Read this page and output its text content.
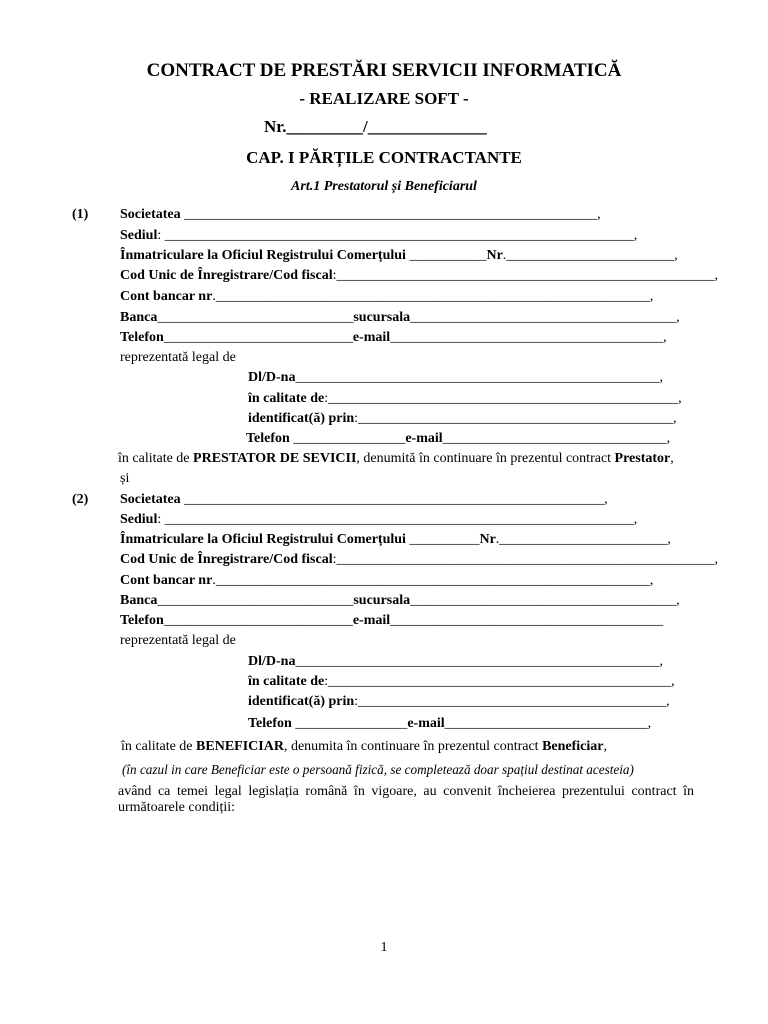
CONTRACT DE PRESTĂRI SERVICII INFORMATICĂ
- REALIZARE SOFT -
Nr._________/______________
CAP. I PĂRȚILE CONTRACTANTE
Art.1 Prestatorul și Beneficiarul
(1) Societatea ___________________________________________________________,
Sediul: ___________________________________________________________________,
Înmatriculare la Oficiul Registrului Comerțului ___________Nr.________________________,
Cod Unic de Înregistrare/Cod fiscal:______________________________________________________,
Cont bancar nr.______________________________________________________________,
Banca____________________________sucursala______________________________________,
Telefon___________________________e-mail_______________________________________,
reprezentată legal de
Dl/D-na____________________________________________________,
în calitate de:__________________________________________________,
identificat(ă) prin:_____________________________________________,
Telefon ________________e-mail________________________________,
în calitate de PRESTATOR DE SEVICII, denumită în continuare în prezentul contract Prestator,
și
(2) Societatea ____________________________________________________________,
Sediul: ___________________________________________________________________,
Înmatriculare la Oficiul Registrului Comerțului __________Nr.________________________,
Cod Unic de Înregistrare/Cod fiscal:______________________________________________________,
Cont bancar nr.______________________________________________________________,
Banca____________________________sucursala______________________________________,
Telefon___________________________e-mail_______________________________________
reprezentată legal de
Dl/D-na____________________________________________________,
în calitate de:_________________________________________________,
identificat(ă) prin:____________________________________________,
Telefon ________________e-mail_____________________________,
în calitate de BENEFICIAR, denumita în continuare în prezentul contract Beneficiar,
(în cazul in care Beneficiar este o persoană fizică, se completează doar spațiul destinat acesteia)
având ca temei legal legislația română în vigoare, au convenit încheierea prezentului contract în următoarele condiții:
1
